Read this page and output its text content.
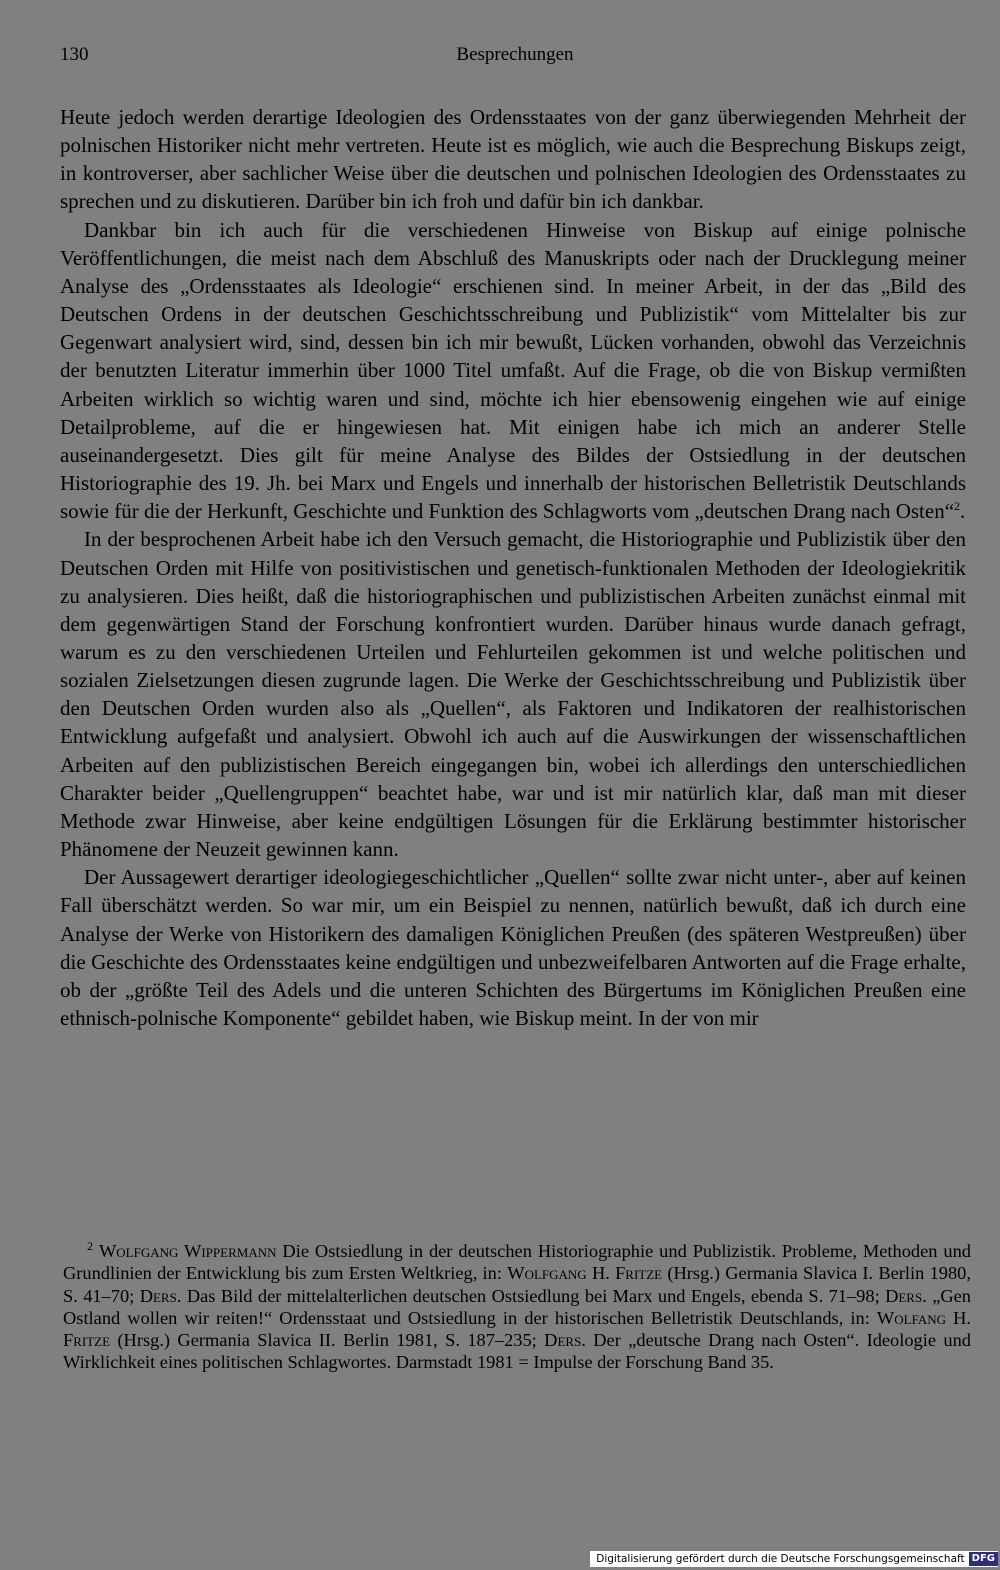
130	Besprechungen

Heute jedoch werden derartige Ideologien des Ordensstaates von der ganz überwiegenden Mehrheit der polnischen Historiker nicht mehr vertreten. Heute ist es möglich, wie auch die Besprechung Biskups zeigt, in kontroverser, aber sachlicher Weise über die deutschen und polnischen Ideologien des Ordensstaates zu sprechen und zu diskutieren. Darüber bin ich froh und dafür bin ich dankbar.

Dankbar bin ich auch für die verschiedenen Hinweise von Biskup auf einige polnische Veröffentlichungen, die meist nach dem Abschluß des Manuskripts oder nach der Drucklegung meiner Analyse des „Ordensstaates als Ideologie“ erschienen sind. In meiner Arbeit, in der das „Bild des Deutschen Ordens in der deutschen Geschichtsschreibung und Publizistik“ vom Mittelalter bis zur Gegenwart analysiert wird, sind, dessen bin ich mir bewußt, Lücken vorhanden, obwohl das Verzeichnis der benutzten Literatur immerhin über 1000 Titel umfaßt. Auf die Frage, ob die von Biskup vermißten Arbeiten wirklich so wichtig waren und sind, möchte ich hier ebensowenig eingehen wie auf einige Detailprobleme, auf die er hingewiesen hat. Mit einigen habe ich mich an anderer Stelle auseinandergesetzt. Dies gilt für meine Analyse des Bildes der Ostsiedlung in der deutschen Historiographie des 19. Jh. bei Marx und Engels und innerhalb der historischen Belletristik Deutschlands sowie für die der Herkunft, Geschichte und Funktion des Schlagworts vom „deutschen Drang nach Osten“$^2$.

In der besprochenen Arbeit habe ich den Versuch gemacht, die Historiographie und Publizistik über den Deutschen Orden mit Hilfe von positivistischen und genetisch-funktionalen Methoden der Ideologiekritik zu analysieren. Dies heißt, daß die historiographischen und publizistischen Arbeiten zunächst einmal mit dem gegenwärtigen Stand der Forschung konfrontiert wurden. Darüber hinaus wurde danach gefragt, warum es zu den verschiedenen Urteilen und Fehlurteilen gekommen ist und welche politischen und sozialen Zielsetzungen diesen zugrunde lagen. Die Werke der Geschichtsschreibung und Publizistik über den Deutschen Orden wurden also als „Quellen“, als Faktoren und Indikatoren der realhistorischen Entwicklung aufgefaßt und analysiert. Obwohl ich auch auf die Auswirkungen der wissenschaftlichen Arbeiten auf den publizistischen Bereich eingegangen bin, wobei ich allerdings den unterschiedlichen Charakter beider „Quellengruppen“ beachtet habe, war und ist mir natürlich klar, daß man mit dieser Methode zwar Hinweise, aber keine endgültigen Lösungen für die Erklärung bestimmter historischer Phänomene der Neuzeit gewinnen kann.

Der Aussagewert derartiger ideologiegeschichtlicher „Quellen“ sollte zwar nicht unter-, aber auf keinen Fall überschätzt werden. So war mir, um ein Beispiel zu nennen, natürlich bewußt, daß ich durch eine Analyse der Werke von Historikern des damaligen Königlichen Preußen (des späteren Westpreußen) über die Geschichte des Ordensstaates keine endgültigen und unbezweifelbaren Antworten auf die Frage erhalte, ob der „größte Teil des Adels und die unteren Schichten des Bürgertums im Königlichen Preußen eine ethnisch-polnische Komponente“ gebildet haben, wie Biskup meint. In der von mir

$^2$ Wolfgang Wippermann Die Ostsiedlung in der deutschen Historiographie und Publizistik. Probleme, Methoden und Grundlinien der Entwicklung bis zum Ersten Weltkrieg, in: Wolfgang H. Fritze (Hrsg.) Germania Slavica I. Berlin 1980, S. 41–70; Ders. Das Bild der mittelalterlichen deutschen Ostsiedlung bei Marx und Engels, ebenda S. 71–98; Ders. „Gen Ostland wollen wir reiten!“ Ordensstaat und Ostsiedlung in der historischen Belletristik Deutschlands, in: Wolfang H. Fritze (Hrsg.) Germania Slavica II. Berlin 1981, S. 187–235; Ders. Der „deutsche Drang nach Osten“. Ideologie und Wirklichkeit eines politischen Schlagwortes. Darmstadt 1981 = Impulse der Forschung Band 35.

Digitalisierung gefördert durch die Deutsche Forschungsgemeinschaft DFG
